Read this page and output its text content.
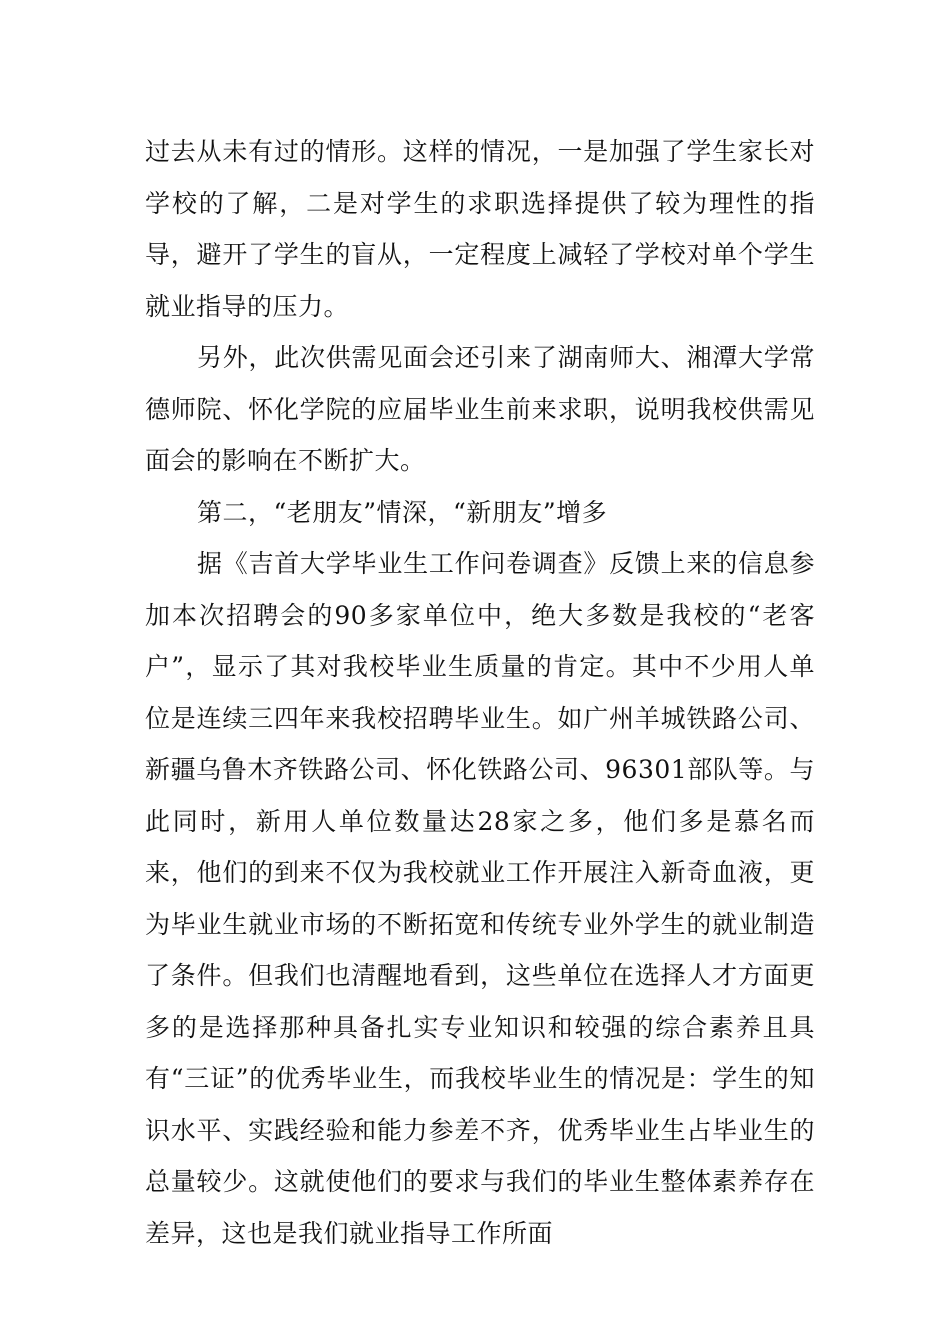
过去从未有过的情形。这样的情况，一是加强了学生家长对学校的了解，二是对学生的求职选择提供了较为理性的指导，避开了学生的盲从，一定程度上减轻了学校对单个学生就业指导的压力。

另外，此次供需见面会还引来了湖南师大、湘潭大学常德师院、怀化学院的应届毕业生前来求职，说明我校供需见面会的影响在不断扩大。

第二，“老朋友”情深，“新朋友”增多

据《吉首大学毕业生工作问卷调查》反馈上来的信息参加本次招聘会的90多家单位中，绝大多数是我校的“老客户”，显示了其对我校毕业生质量的肯定。其中不少用人单位是连续三四年来我校招聘毕业生。如广州羊城铁路公司、新疆乌鲁木齐铁路公司、怀化铁路公司、96301部队等。与此同时，新用人单位数量达28家之多，他们多是慕名而来，他们的到来不仅为我校就业工作开展注入新奇血液，更为毕业生就业市场的不断拓宽和传统专业外学生的就业制造了条件。但我们也清醒地看到，这些单位在选择人才方面更多的是选择那种具备扎实专业知识和较强的综合素养且具有“三证”的优秀毕业生，而我校毕业生的情况是：学生的知识水平、实践经验和能力参差不齐，优秀毕业生占毕业生的总量较少。这就使他们的要求与我们的毕业生整体素养存在差异，这也是我们就业指导工作所面
